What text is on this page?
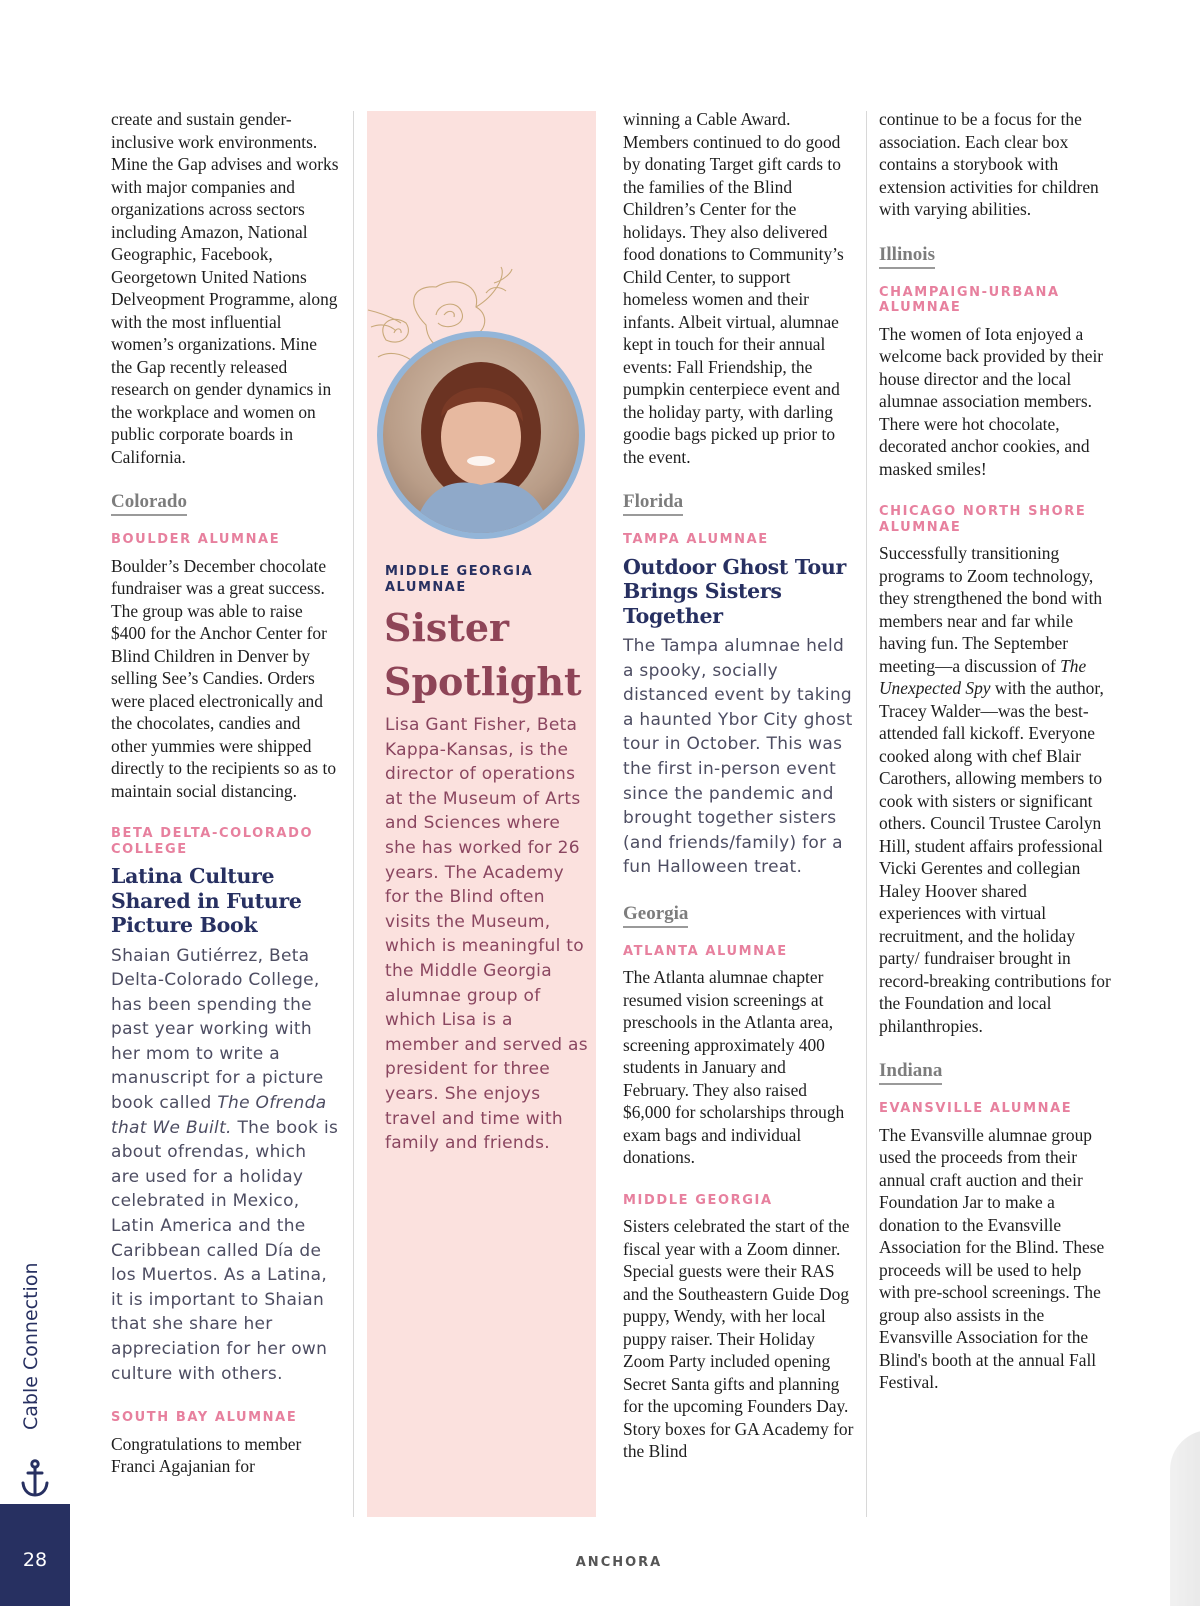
create and sustain gender-inclusive work environments. Mine the Gap advises and works with major companies and organizations across sectors including Amazon, National Geographic, Facebook, Georgetown United Nations Delveopment Programme, along with the most influential women’s organizations. Mine the Gap recently released research on gender dynamics in the workplace and women on public corporate boards in California.

Colorado
BOULDER ALUMNAE

Boulder’s December chocolate fundraiser was a great success. The group was able to raise $400 for the Anchor Center for Blind Children in Denver by selling See’s Candies. Orders were placed electronically and the chocolates, candies and other yummies were shipped directly to the recipients so as to maintain social distancing.

BETA DELTA-COLORADO COLLEGE
Latina Culture Shared in Future Picture Book

Shaian Gutiérrez, Beta Delta-Colorado College, has been spending the past year working with her mom to write a manuscript for a picture book called The Ofrenda that We Built. The book is about ofrendas, which are used for a holiday celebrated in Mexico, Latin America and the Caribbean called Día de los Muertos. As a Latina, it is important to Shaian that she share her appreciation for her own culture with others.

SOUTH BAY ALUMNAE

Congratulations to member Franci Agajanian for

MIDDLE GEORGIA ALUMNAE
Sister Spotlight

Lisa Gant Fisher, Beta Kappa-Kansas, is the director of operations at the Museum of Arts and Sciences where she has worked for 26 years. The Academy for the Blind often visits the Museum, which is meaningful to the Middle Georgia alumnae group of which Lisa is a member and served as president for three years. She enjoys travel and time with family and friends.

winning a Cable Award. Members continued to do good by donating Target gift cards to the families of the Blind Children’s Center for the holidays. They also delivered food donations to Community’s Child Center, to support homeless women and their infants. Albeit virtual, alumnae kept in touch for their annual events: Fall Friendship, the pumpkin centerpiece event and the holiday party, with darling goodie bags picked up prior to the event.

Florida
TAMPA ALUMNAE
Outdoor Ghost Tour Brings Sisters Together

The Tampa alumnae held a spooky, socially distanced event by taking a haunted Ybor City ghost tour in October. This was the first in-person event since the pandemic and brought together sisters (and friends/family) for a fun Halloween treat.

Georgia
ATLANTA ALUMNAE

The Atlanta alumnae chapter resumed vision screenings at preschools in the Atlanta area, screening approximately 400 students in January and February. They also raised $6,000 for scholarships through exam bags and individual donations.

MIDDLE GEORGIA

Sisters celebrated the start of the fiscal year with a Zoom dinner. Special guests were their RAS and the Southeastern Guide Dog puppy, Wendy, with her local puppy raiser. Their Holiday Zoom Party included opening Secret Santa gifts and planning for the upcoming Founders Day. Story boxes for GA Academy for the Blind

continue to be a focus for the association. Each clear box contains a storybook with extension activities for children with varying abilities.

Illinois
CHAMPAIGN-URBANA ALUMNAE

The women of Iota enjoyed a welcome back provided by their house director and the local alumnae association members. There were hot chocolate, decorated anchor cookies, and masked smiles!

CHICAGO NORTH SHORE ALUMNAE

Successfully transitioning programs to Zoom technology, they strengthened the bond with members near and far while having fun. The September meeting—a discussion of The Unexpected Spy with the author, Tracey Walder—was the best-attended fall kickoff. Everyone cooked along with chef Blair Carothers, allowing members to cook with sisters or significant others. Council Trustee Carolyn Hill, student affairs professional Vicki Gerentes and collegian Haley Hoover shared experiences with virtual recruitment, and the holiday party/ fundraiser brought in record-breaking contributions for the Foundation and local philanthropies.

Indiana
EVANSVILLE ALUMNAE

The Evansville alumnae group used the proceeds from their annual craft auction and their Foundation Jar to make a donation to the Evansville Association for the Blind. These proceeds will be used to help with pre-school screenings. The group also assists in the Evansville Association for the Blind's booth at the annual Fall Festival.

Cable Connection
28	ANCHORA
